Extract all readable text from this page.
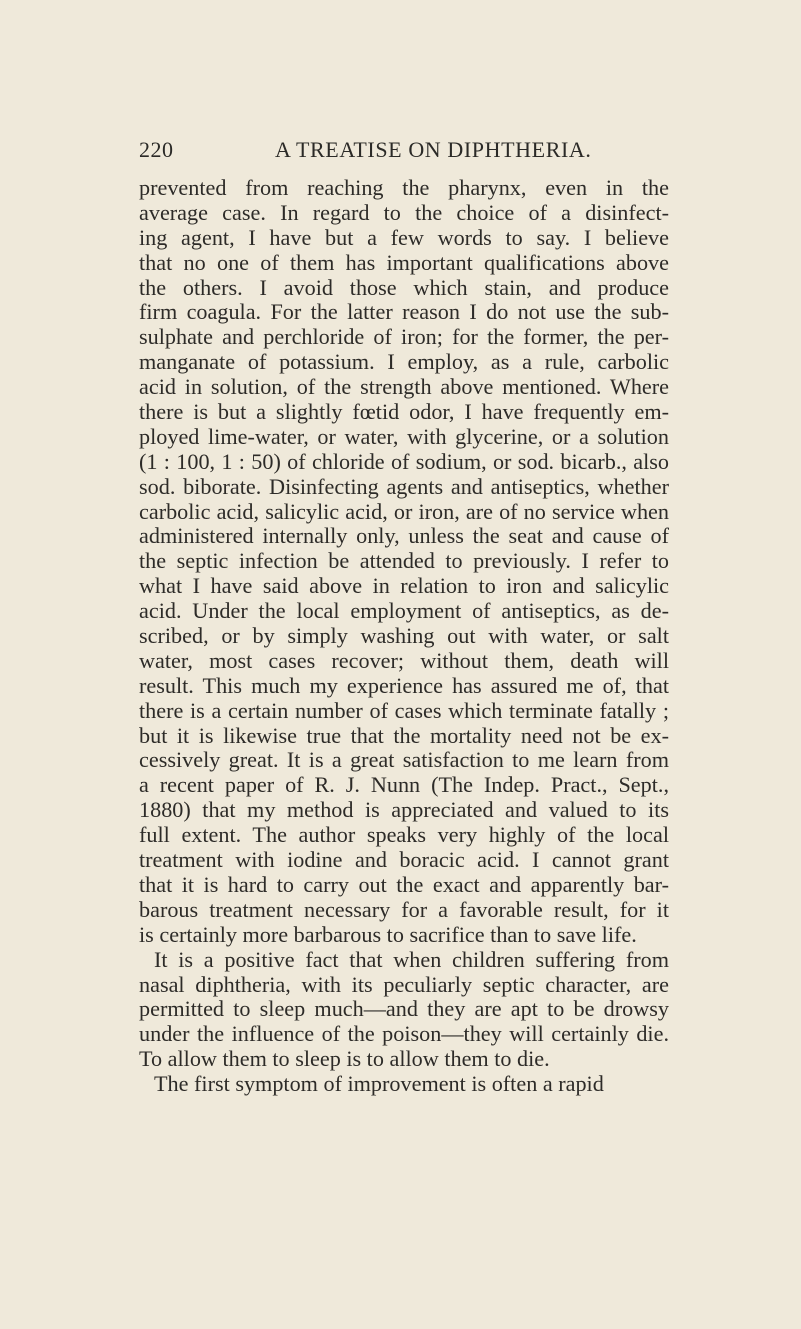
220	A TREATISE ON DIPHTHERIA.
prevented from reaching the pharynx, even in the
average case. In regard to the choice of a disinfect-
ing agent, I have but a few words to say. I believe
that no one of them has important qualifications above
the others. I avoid those which stain, and produce
firm coagula. For the latter reason I do not use the sub-
sulphate and perchloride of iron; for the former, the per-
manganate of potassium. I employ, as a rule, carbolic
acid in solution, of the strength above mentioned. Where
there is but a slightly fœtid odor, I have frequently em-
ployed lime-water, or water, with glycerine, or a solution
(1 : 100, 1 : 50) of chloride of sodium, or sod. bicarb., also
sod. biborate. Disinfecting agents and antiseptics, whether
carbolic acid, salicylic acid, or iron, are of no service when
administered internally only, unless the seat and cause of
the septic infection be attended to previously. I refer to
what I have said above in relation to iron and salicylic
acid. Under the local employment of antiseptics, as de-
scribed, or by simply washing out with water, or salt
water, most cases recover; without them, death will
result. This much my experience has assured me of, that
there is a certain number of cases which terminate fatally ;
but it is likewise true that the mortality need not be ex-
cessively great. It is a great satisfaction to me learn from
a recent paper of R. J. Nunn (The Indep. Pract., Sept.,
1880) that my method is appreciated and valued to its
full extent. The author speaks very highly of the local
treatment with iodine and boracic acid. I cannot grant
that it is hard to carry out the exact and apparently bar-
barous treatment necessary for a favorable result, for it
is certainly more barbarous to sacrifice than to save life.
It is a positive fact that when children suffering from
nasal diphtheria, with its peculiarly septic character, are
permitted to sleep much—and they are apt to be drowsy
under the influence of the poison—they will certainly die.
To allow them to sleep is to allow them to die.
The first symptom of improvement is often a rapid
